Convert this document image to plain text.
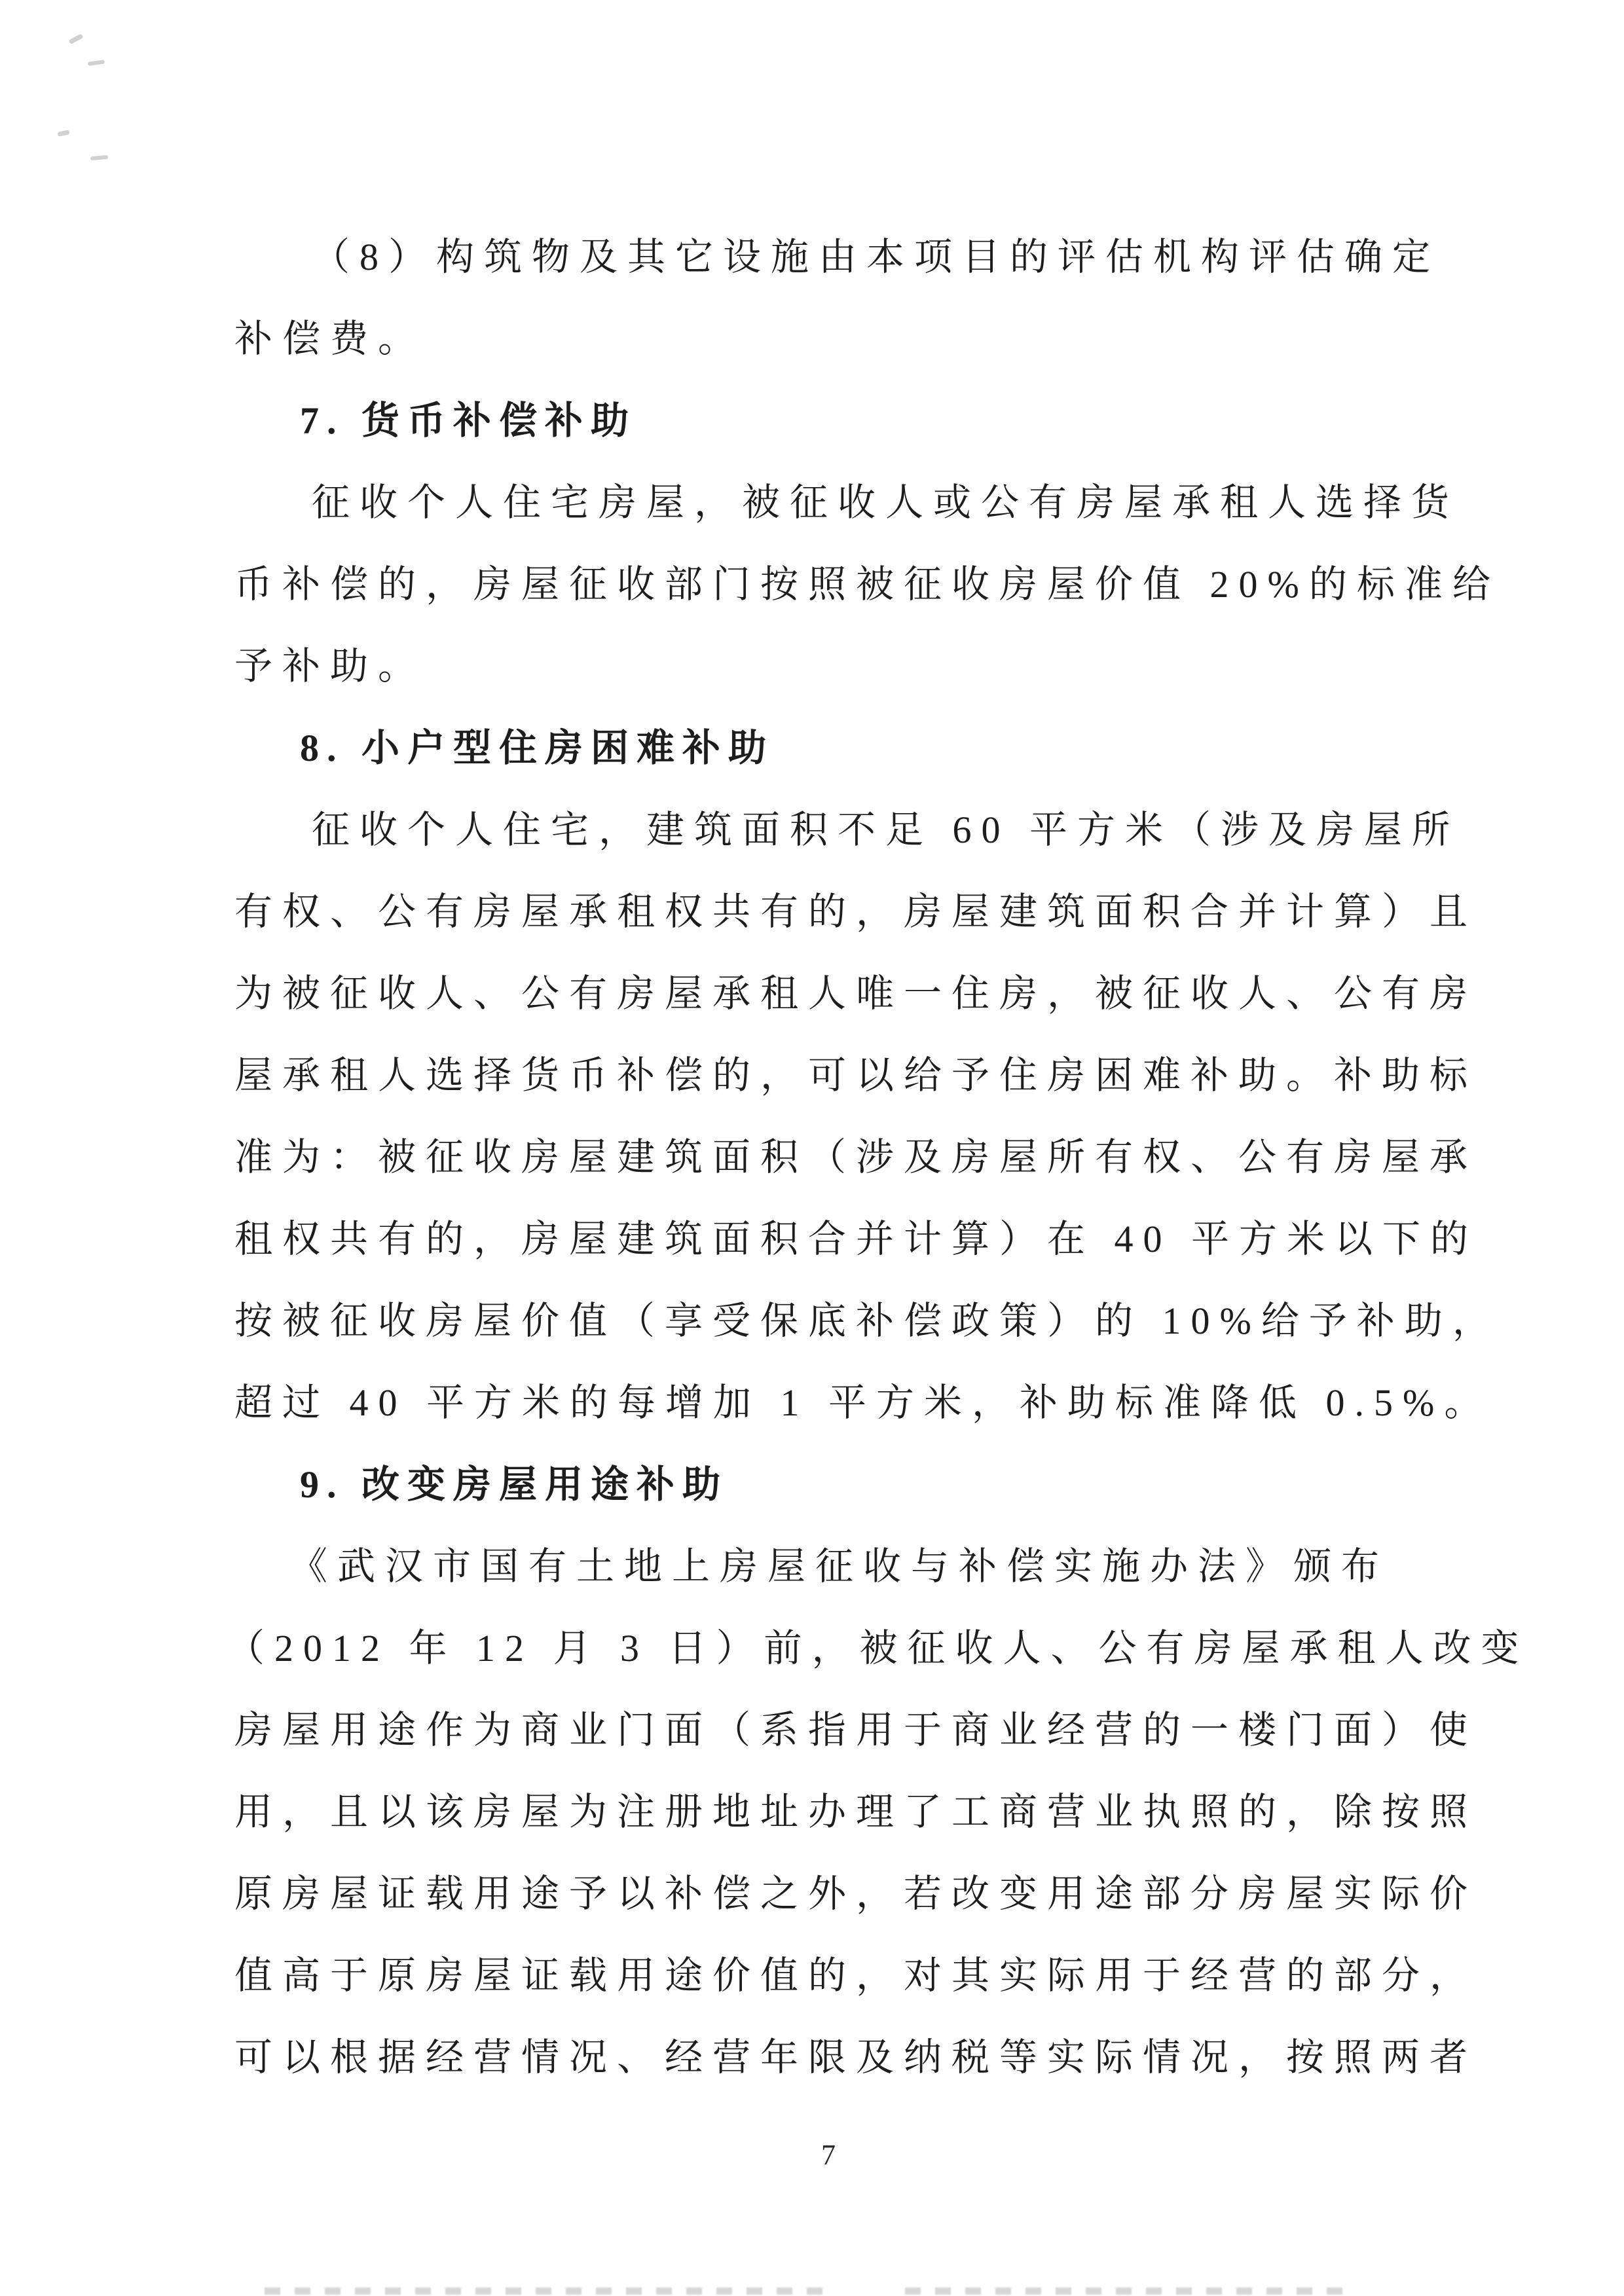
（8）构筑物及其它设施由本项目的评估机构评估确定
补偿费。
7. 货币补偿补助
征收个人住宅房屋，被征收人或公有房屋承租人选择货
币补偿的，房屋征收部门按照被征收房屋价值 20%的标准给
予补助。
8. 小户型住房困难补助
征收个人住宅，建筑面积不足 60 平方米（涉及房屋所
有权、公有房屋承租权共有的，房屋建筑面积合并计算）且
为被征收人、公有房屋承租人唯一住房，被征收人、公有房
屋承租人选择货币补偿的，可以给予住房困难补助。补助标
准为：被征收房屋建筑面积（涉及房屋所有权、公有房屋承
租权共有的，房屋建筑面积合并计算）在 40 平方米以下的
按被征收房屋价值（享受保底补偿政策）的 10%给予补助，
超过 40 平方米的每增加 1 平方米，补助标准降低 0.5%。
9. 改变房屋用途补助
《武汉市国有土地上房屋征收与补偿实施办法》颁布
（2012 年 12 月 3 日）前，被征收人、公有房屋承租人改变
房屋用途作为商业门面（系指用于商业经营的一楼门面）使
用，且以该房屋为注册地址办理了工商营业执照的，除按照
原房屋证载用途予以补偿之外，若改变用途部分房屋实际价
值高于原房屋证载用途价值的，对其实际用于经营的部分，
可以根据经营情况、经营年限及纳税等实际情况，按照两者
7
